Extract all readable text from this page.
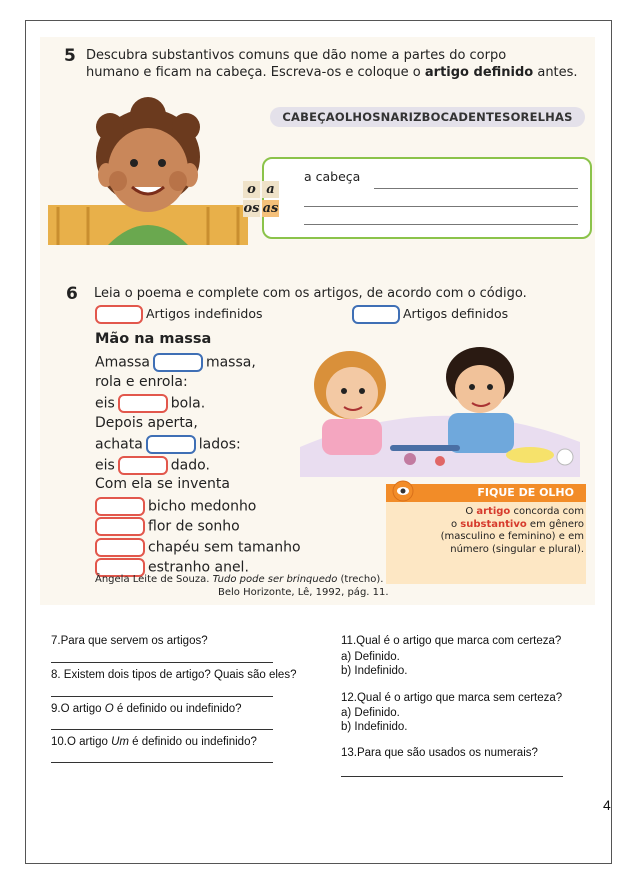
5 Descubra substantivos comuns que dão nome a partes do corpo
humano e ficam na cabeça. Escreva-os e coloque o artigo definido antes.
CABEÇAOLHOSNARIZBOCADENTESORELHAS
a cabeça
o a
os as
6 Leia o poema e complete com os artigos, de acordo com o código.
Artigos indefinidos	Artigos definidos
Mão na massa
Amassa	massa,
rola e enrola:
eis	bola.
Depois aperta,
achata	lados:
eis	dado.
Com ela se inventa
bicho medonho
flor de sonho
chapéu sem tamanho
estranho anel.
FIQUE DE OLHO
O artigo concorda com
o substantivo em gênero
(masculino e feminino) e em
número (singular e plural).
Ângela Leite de Souza. Tudo pode ser brinquedo (trecho).
Belo Horizonte, Lê, 1992, pág. 11.
7.Para que servem os artigos?
8. Existem dois tipos de artigo? Quais são eles?
9.O artigo O é definido ou indefinido?
10.O artigo Um é definido ou indefinido?
11.Qual é o artigo que marca com certeza?
a) Definido.
b) Indefinido.
12.Qual é o artigo que marca sem certeza?
a) Definido.
b) Indefinido.
13.Para que são usados os numerais?
4
